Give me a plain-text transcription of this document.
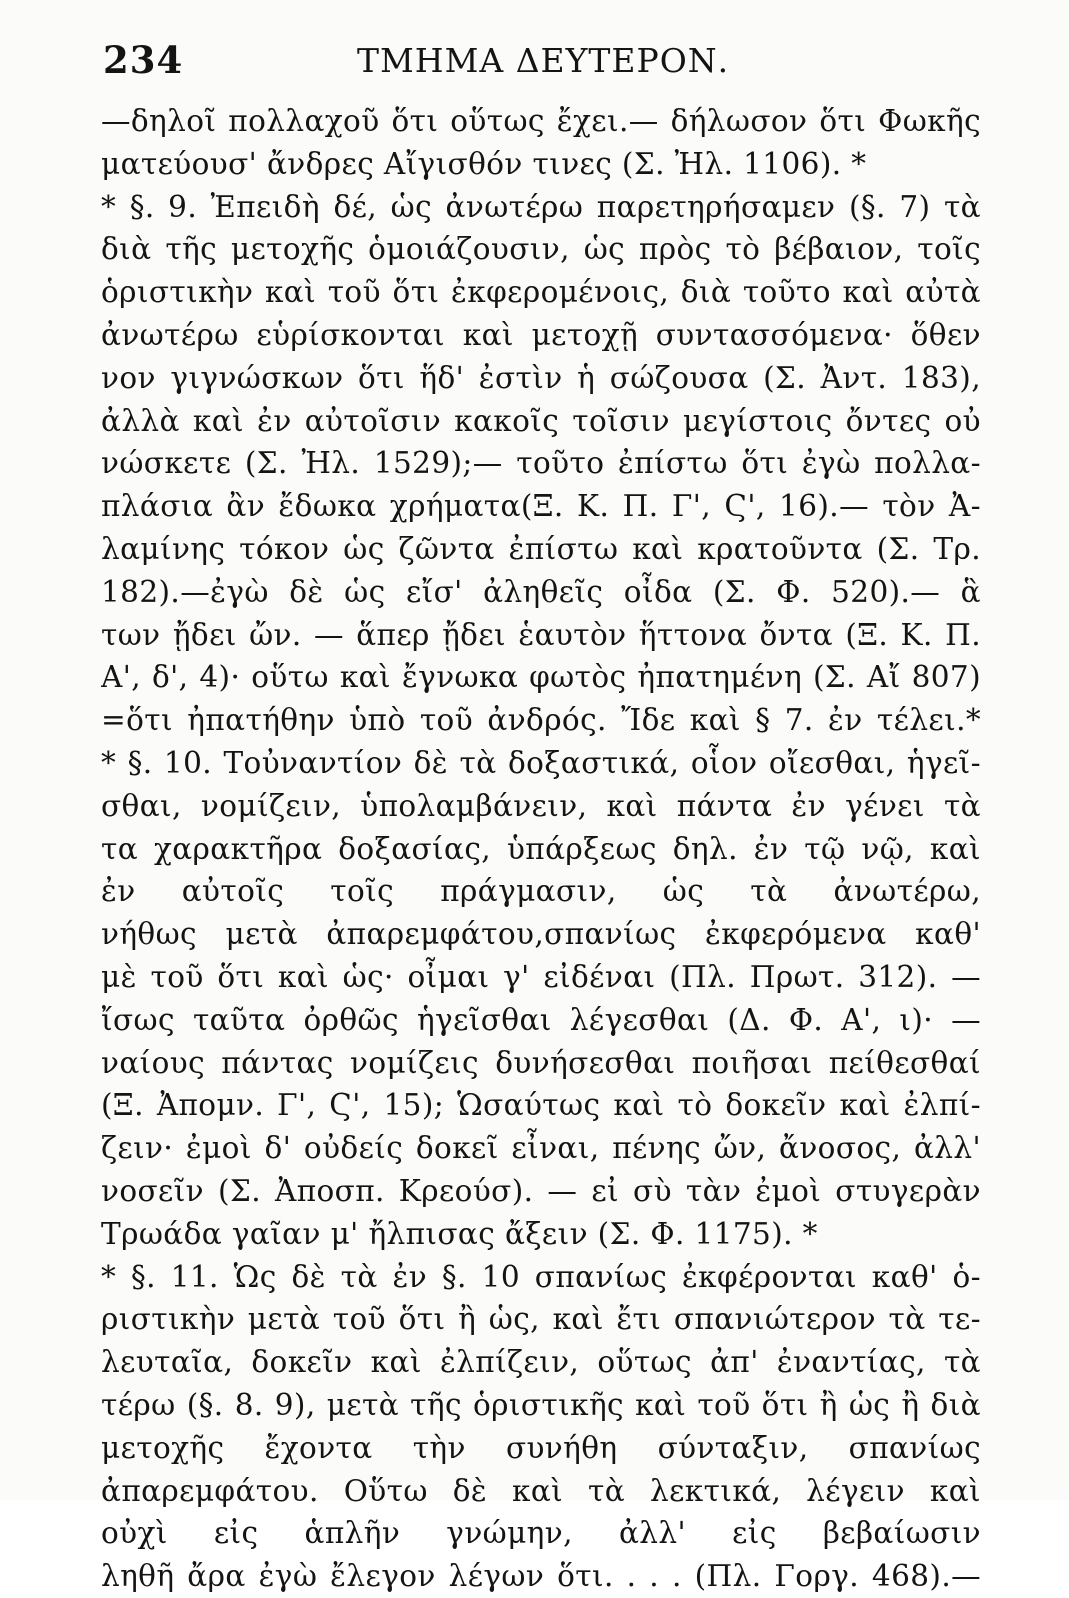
234	ΤΜΗΜΑ ΔΕΥΤΕΡΟΝ.
—δηλοῖ πολλαχοῦ ὅτι οὕτως ἔχει.— δήλωσον ὅτι Φωκῆς
ματεύουσ' ἄνδρες Αἴγισθόν τινες (Σ. Ἠλ. 1106). *
* §. 9. Ἐπειδὴ δέ, ὡς ἀνωτέρω παρετηρήσαμεν (§. 7) τὰ
διὰ τῆς μετοχῆς ὁμοιάζουσιν, ὡς πρὸς τὸ βέβαιον, τοῖς
ὁριστικὴν καὶ τοῦ ὅτι ἐκφερομένοις, διὰ τοῦτο καὶ αὐτὰ
ἀνωτέρω εὑρίσκονται καὶ μετοχῇ συντασσόμενα· ὅθεν
νον γιγνώσκων ὅτι ἥδ' ἐστὶν ἡ σώζουσα (Σ. Ἀντ. 183),
ἀλλὰ καὶ ἐν αὐτοῖσιν κακοῖς τοῖσιν μεγίστοις ὄντες οὐ
νώσκετε (Σ. Ἠλ. 1529);— τοῦτο ἐπίστω ὅτι ἐγὼ πολλα-
πλάσια ἂν ἔδωκα χρήματα(Ξ. Κ. Π. Γ', Ϛ', 16).— τὸν Ἀ-
λαμίνης τόκον ὡς ζῶντα ἐπίστω καὶ κρατοῦντα (Σ. Τρ.
182).—ἐγὼ δὲ ὡς εἴσ' ἀληθεῖς οἶδα (Σ. Φ. 520).— ἃ
των ᾔδει ὤν. — ἅπερ ᾔδει ἑαυτὸν ἥττονα ὄντα (Ξ. Κ. Π.
Α', δ', 4)· οὕτω καὶ ἔγνωκα φωτὸς ἠπατημένη (Σ. Αἴ 807)
=ὅτι ἠπατήθην ὑπὸ τοῦ ἀνδρός. Ἴδε καὶ § 7. ἐν τέλει.*
* §. 10. Τοὐναντίον δὲ τὰ δοξαστικά, οἷον οἴεσθαι, ἡγεῖ-
σθαι, νομίζειν, ὑπολαμβάνειν, καὶ πάντα ἐν γένει τὰ
τα χαρακτῆρα δοξασίας, ὑπάρξεως δηλ. ἐν τῷ νῷ, καὶ
ἐν αὐτοῖς τοῖς πράγμασιν, ὡς τὰ ἀνωτέρω,
νήθως μετὰ ἀπαρεμφάτου,σπανίως ἐκφερόμενα καθ'
μὲ τοῦ ὅτι καὶ ὡς· οἶμαι γ' εἰδέναι (Πλ. Πρωτ. 312). —
ἴσως ταῦτα ὀρθῶς ἡγεῖσθαι λέγεσθαι (Δ. Φ. Α', ι)· —
ναίους πάντας νομίζεις δυνήσεσθαι ποιῆσαι πείθεσθαί
(Ξ. Ἀπομν. Γ', Ϛ', 15); Ὡσαύτως καὶ τὸ δοκεῖν καὶ ἐλπί-
ζειν· ἐμοὶ δ' οὐδείς δοκεῖ εἶναι, πένης ὤν, ἄνοσος, ἀλλ'
νοσεῖν (Σ. Ἀποσπ. Κρεούσ). — εἰ σὺ τὰν ἐμοὶ στυγερὰν
Τρωάδα γαῖαν μ' ἤλπισας ἄξειν (Σ. Φ. 1175). *
* §. 11. Ὡς δὲ τὰ ἐν §. 10 σπανίως ἐκφέρονται καθ' ὁ-
ριστικὴν μετὰ τοῦ ὅτι ἢ ὡς, καὶ ἔτι σπανιώτερον τὰ τε-
λευταῖα, δοκεῖν καὶ ἐλπίζειν, οὕτως ἀπ' ἐναντίας, τὰ
τέρω (§. 8. 9), μετὰ τῆς ὁριστικῆς καὶ τοῦ ὅτι ἢ ὡς ἢ διὰ
μετοχῆς ἔχοντα τὴν συνήθη σύνταξιν, σπανίως
ἀπαρεμφάτου. Οὕτω δὲ καὶ τὰ λεκτικά, λέγειν καὶ
οὐχὶ εἰς ἁπλῆν γνώμην, ἀλλ' εἰς βεβαίωσιν
ληθῆ ἄρα ἐγὼ ἔλεγον λέγων ὅτι. . . . (Πλ. Γοργ. 468).—
